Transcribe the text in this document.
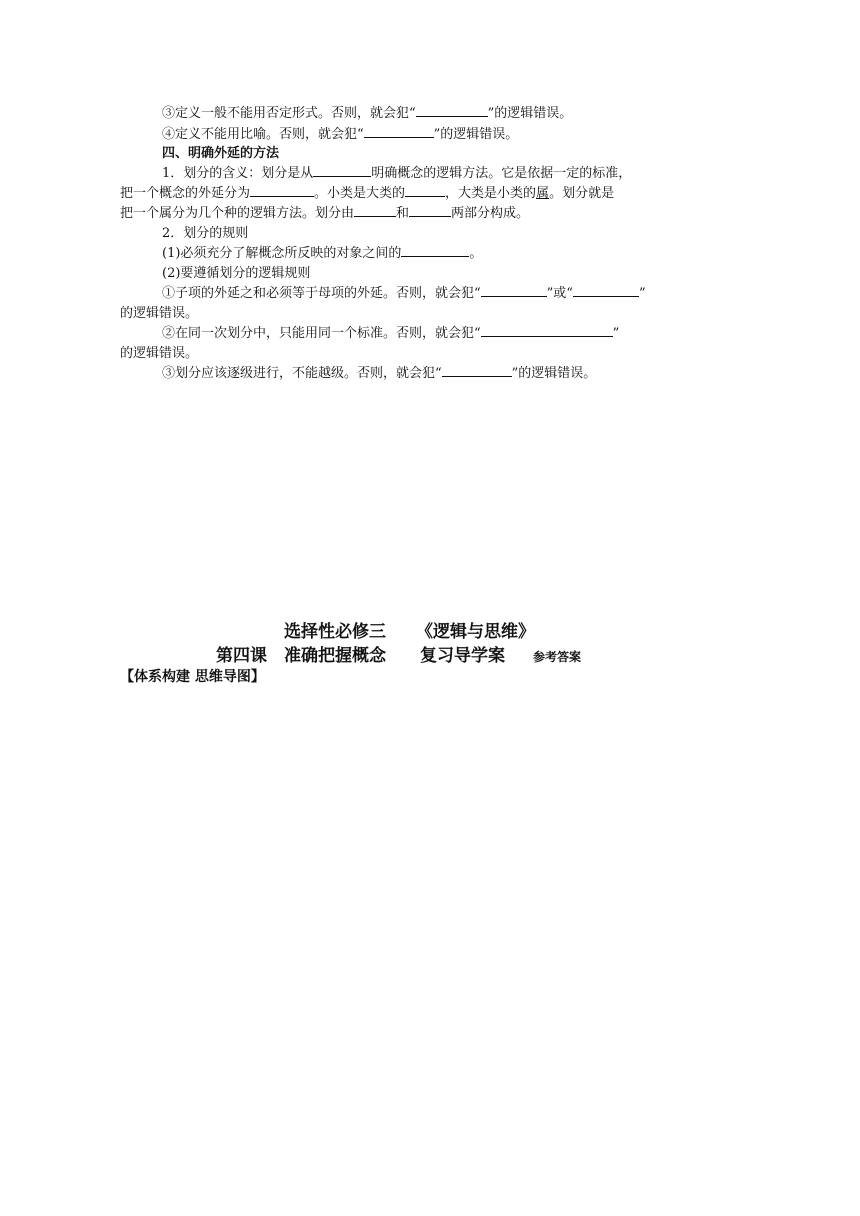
③定义一般不能用否定形式。否则，就会犯“	”的逻辑错误。
④定义不能用比喻。否则，就会犯“	”的逻辑错误。
四、明确外延的方法
1．划分的含义：划分是从	明确概念的逻辑方法。它是依据一定的标准，
把一个概念的外延分为	。小类是大类的	，大类是小类的属。划分就是
把一个属分为几个种的逻辑方法。划分由	和	两部分构成。
2．划分的规则
(1)必须充分了解概念所反映的对象之间的	。
(2)要遵循划分的逻辑规则
①子项的外延之和必须等于母项的外延。否则，就会犯“	”或“	”
的逻辑错误。
②在同一次划分中，只能用同一个标准。否则，就会犯“	”
的逻辑错误。
③划分应该逐级进行，不能越级。否则，就会犯“	”的逻辑错误。
选择性必修三 《逻辑与思维》
第四课　准确把握概念 复习导学案 参考答案
【体系构建 思维导图】
